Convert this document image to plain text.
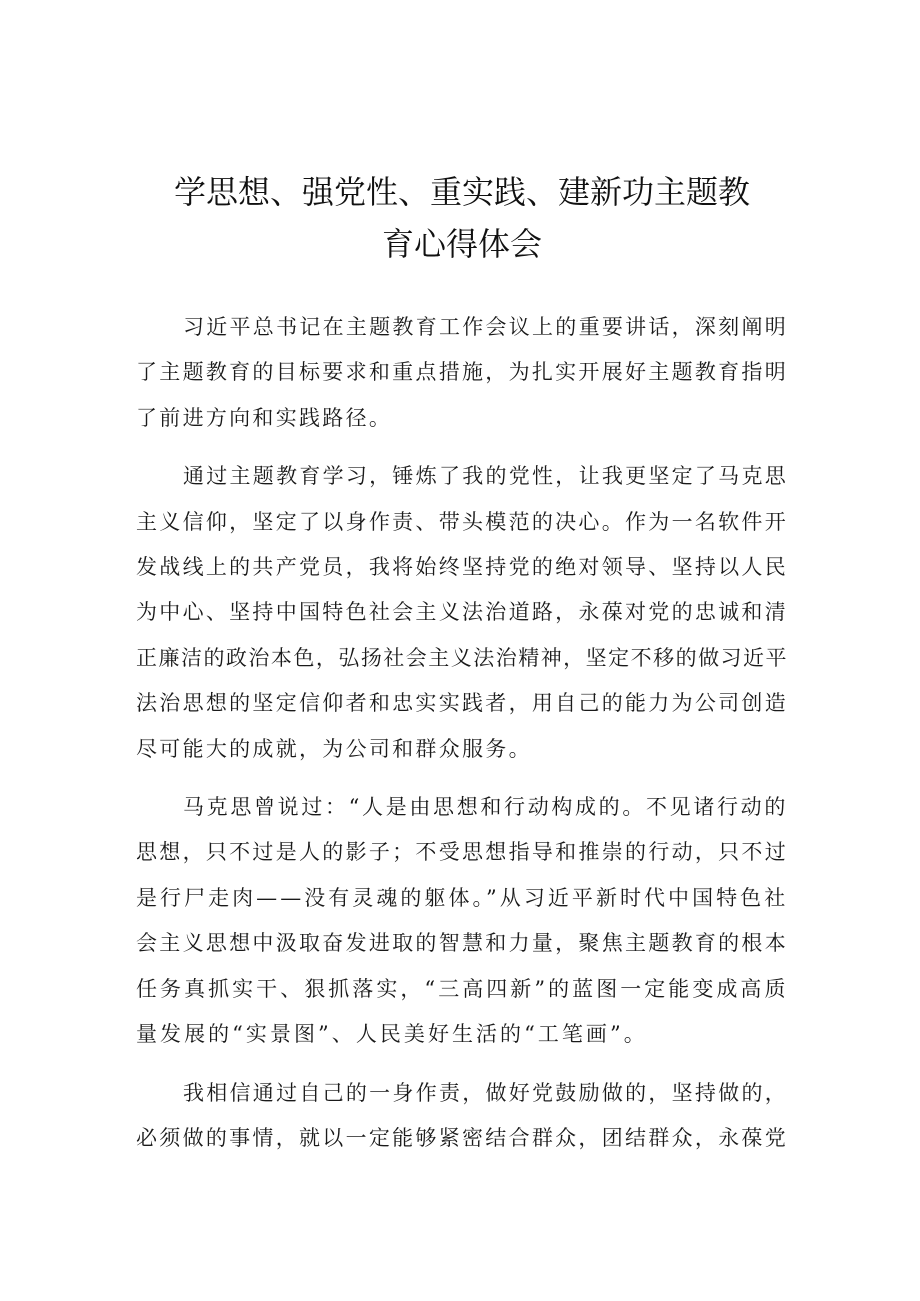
学思想、强党性、重实践、建新功主题教
育心得体会
习近平总书记在主题教育工作会议上的重要讲话，深刻阐明
了主题教育的目标要求和重点措施，为扎实开展好主题教育指明
了前进方向和实践路径。
通过主题教育学习，锤炼了我的党性，让我更坚定了马克思
主义信仰，坚定了以身作责、带头模范的决心。作为一名软件开
发战线上的共产党员，我将始终坚持党的绝对领导、坚持以人民
为中心、坚持中国特色社会主义法治道路，永葆对党的忠诚和清
正廉洁的政治本色，弘扬社会主义法治精神，坚定不移的做习近平
法治思想的坚定信仰者和忠实实践者，用自己的能力为公司创造
尽可能大的成就，为公司和群众服务。
马克思曾说过：“人是由思想和行动构成的。不见诸行动的
思想，只不过是人的影子；不受思想指导和推崇的行动，只不过
是行尸走肉——没有灵魂的躯体。”从习近平新时代中国特色社
会主义思想中汲取奋发进取的智慧和力量，聚焦主题教育的根本
任务真抓实干、狠抓落实，“三高四新”的蓝图一定能变成高质
量发展的“实景图”、人民美好生活的“工笔画”。
我相信通过自己的一身作责，做好党鼓励做的，坚持做的，
必须做的事情，就以一定能够紧密结合群众，团结群众，永葆党
